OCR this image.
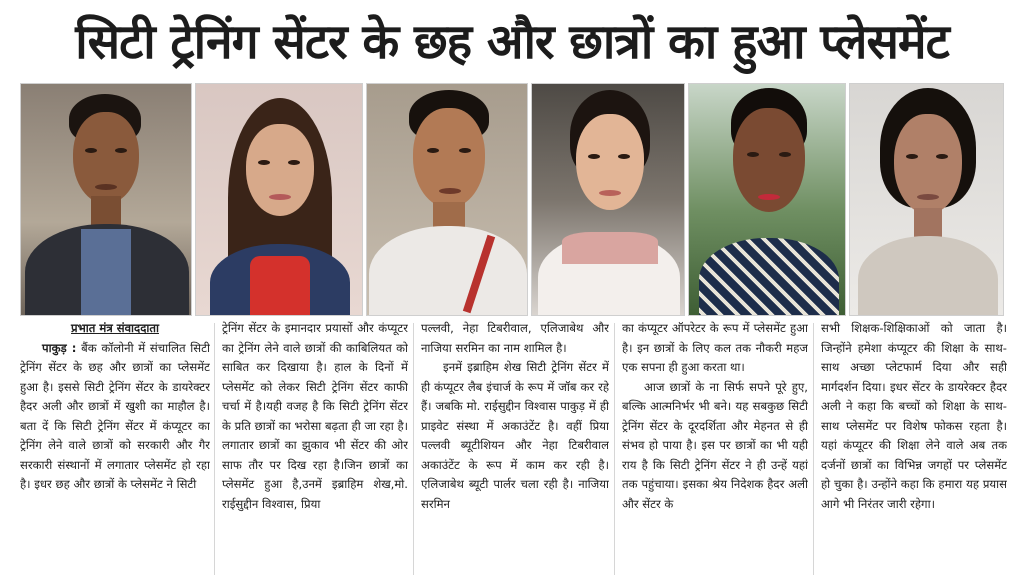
सिटी ट्रेनिंग सेंटर के छह और छात्रों का हुआ प्लेसमेंट
प्रभात मंत्र संवाददाता

पाकुड़ : बैंक कॉलोनी में संचालित सिटी ट्रेनिंग सेंटर के छह और छात्रों का प्लेसमेंट हुआ है। इससे सिटी ट्रेनिंग सेंटर के डायरेक्टर हैदर अली और छात्रों में खुशी का माहौल है। बता दें कि सिटी ट्रेनिंग सेंटर में कंप्यूटर का ट्रेनिंग लेने वाले छात्रों को सरकारी और गैर सरकारी संस्थानों में लगातार प्लेसमेंट हो रहा है। इधर छह और छात्रों के प्लेसमेंट ने सिटी

ट्रेनिंग सेंटर के इमानदार प्रयासों और कंप्यूटर का ट्रेनिंग लेने वाले छात्रों की काबिलियत को साबित कर दिखाया है। हाल के दिनों में प्लेसमेंट को लेकर सिटी ट्रेनिंग सेंटर काफी चर्चा में है।यही वजह है कि सिटी ट्रेनिंग सेंटर के प्रति छात्रों का भरोसा बढ़ता ही जा रहा है। लगातार छात्रों का झुकाव भी सेंटर की ओर साफ तौर पर दिख रहा है।जिन छात्रों का प्लेसमेंट हुआ है,उनमें इब्राहिम शेख,मो. राईसुद्दीन विश्वास, प्रिया

पल्लवी, नेहा टिबरीवाल, एलिजाबेथ और नाजिया सरमिन का नाम शामिल है।

इनमें इब्राहिम शेख सिटी ट्रेनिंग सेंटर में ही कंप्यूटर लैब इंचार्ज के रूप में जॉब कर रहे हैं। जबकि मो. राईसुद्दीन विश्वास पाकुड़ में ही प्राइवेट संस्था में अकाउंटेंट है। वहीं प्रिया पल्लवी ब्यूटीशियन और नेहा टिबरीवाल अकाउंटेंट के रूप में काम कर रही है। एलिजाबेथ ब्यूटी पार्लर चला रही है। नाजिया सरमिन

का कंप्यूटर ऑपरेटर के रूप में प्लेसमेंट हुआ है। इन छात्रों के लिए कल तक नौकरी महज एक सपना ही हुआ करता था।

आज छात्रों के ना सिर्फ सपने पूरे हुए, बल्कि आत्मनिर्भर भी बने। यह सबकुछ सिटी ट्रेनिंग सेंटर के दूरदर्शिता और मेहनत से ही संभव हो पाया है। इस पर छात्रों का भी यही राय है कि सिटी ट्रेनिंग सेंटर ने ही उन्हें यहां तक पहुंचाया। इसका श्रेय निदेशक हैदर अली और सेंटर के

सभी शिक्षक-शिक्षिकाओं को जाता है। जिन्होंने हमेशा कंप्यूटर की शिक्षा के साथ-साथ अच्छा प्लेटफार्म दिया और सही मार्गदर्शन दिया। इधर सेंटर के डायरेक्टर हैदर अली ने कहा कि बच्चों को शिक्षा के साथ-साथ प्लेसमेंट पर विशेष फोकस रहता है। यहां कंप्यूटर की शिक्षा लेने वाले अब तक दर्जनों छात्रों का विभिन्न जगहों पर प्लेसमेंट हो चुका है। उन्होंने कहा कि हमारा यह प्रयास आगे भी निरंतर जारी रहेगा।
